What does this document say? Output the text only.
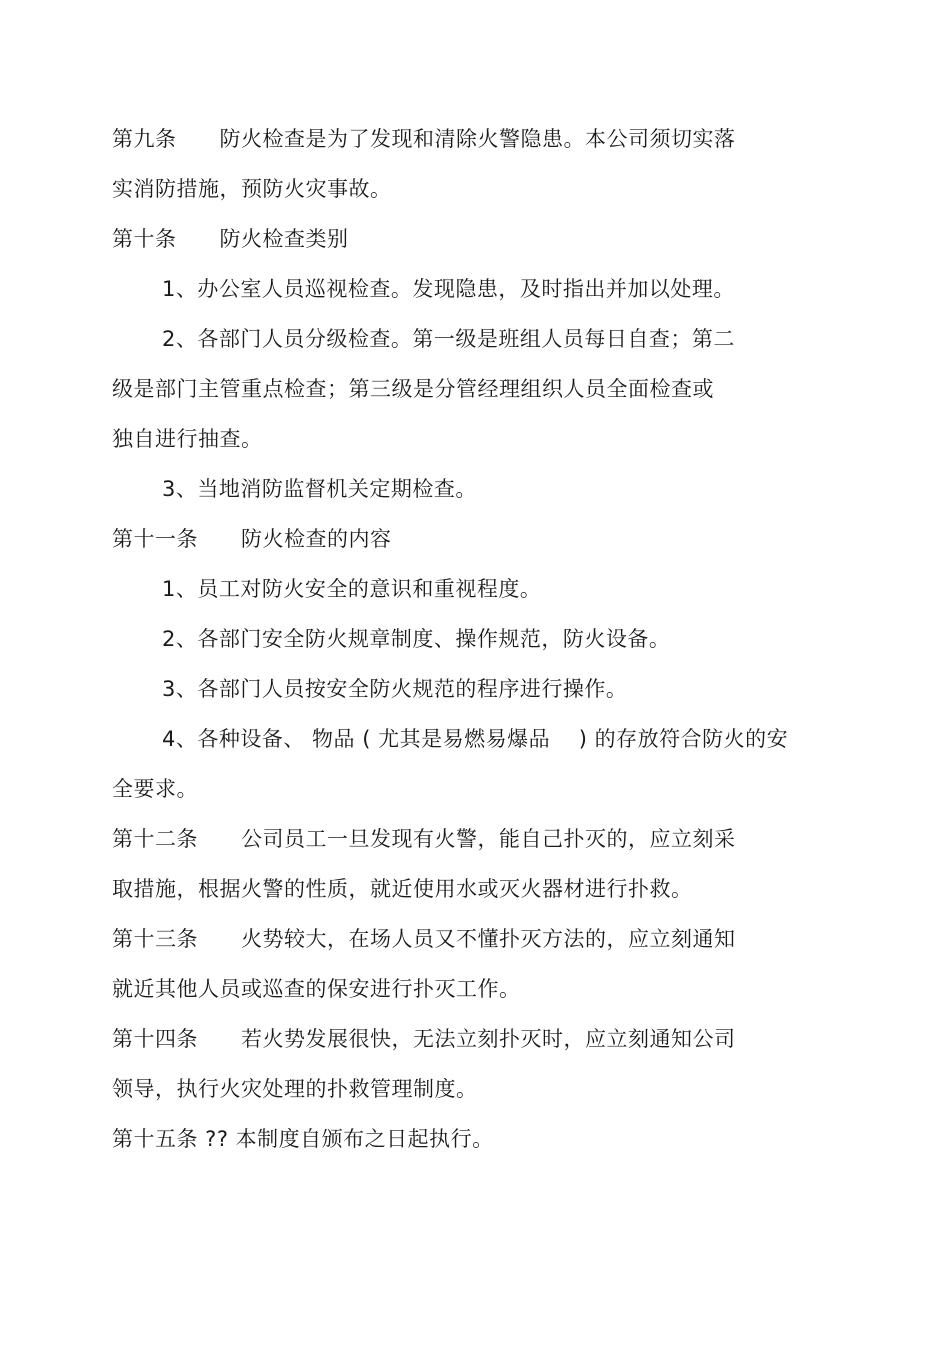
第九条      防火检查是为了发现和清除火警隐患。本公司须切实落
实消防措施，预防火灾事故。
第十条      防火检查类别
1、办公室人员巡视检查。发现隐患，及时指出并加以处理。
2、各部门人员分级检查。第一级是班组人员每日自查；第二
级是部门主管重点检查；第三级是分管经理组织人员全面检查或
独自进行抽查。
3、当地消防监督机关定期检查。
第十一条      防火检查的内容
1、员工对防火安全的意识和重视程度。
2、各部门安全防火规章制度、操作规范，防火设备。
3、各部门人员按安全防火规范的程序进行操作。
4、各种设备、 物品 ( 尤其是易燃易爆品    ) 的存放符合防火的安
全要求。
第十二条      公司员工一旦发现有火警，能自己扑灭的，应立刻采
取措施，根据火警的性质，就近使用水或灭火器材进行扑救。
第十三条      火势较大，在场人员又不懂扑灭方法的，应立刻通知
就近其他人员或巡查的保安进行扑灭工作。
第十四条      若火势发展很快，无法立刻扑灭时，应立刻通知公司
领导，执行火灾处理的扑救管理制度。
第十五条 ?? 本制度自颁布之日起执行。
